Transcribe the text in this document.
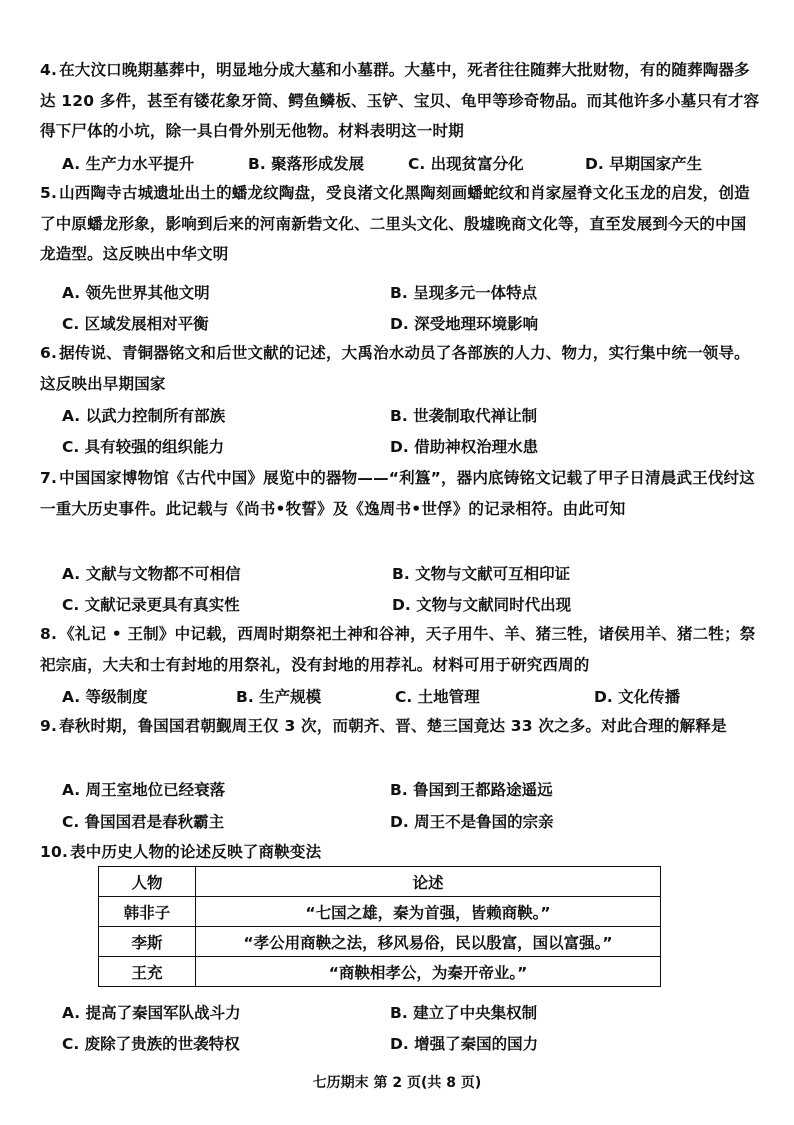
4. 在大汶口晚期墓葬中，明显地分成大墓和小墓群。大墓中，死者往往随葬大批财物，有的随葬陶器多达 120 多件，甚至有镂花象牙筒、鳄鱼鳞板、玉铲、宝贝、龟甲等珍奇物品。而其他许多小墓只有才容得下尸体的小坑，除一具白骨外别无他物。材料表明这一时期
A. 生产力水平提升	B. 聚落形成发展	C. 出现贫富分化	D. 早期国家产生
5. 山西陶寺古城遗址出土的蟠龙纹陶盘，受良渚文化黑陶刻画蟠蛇纹和肖家屋脊文化玉龙的启发，创造了中原蟠龙形象，影响到后来的河南新砦文化、二里头文化、殷墟晚商文化等，直至发展到今天的中国龙造型。这反映出中华文明
A. 领先世界其他文明	B. 呈现多元一体特点
C. 区域发展相对平衡	D. 深受地理环境影响
6. 据传说、青铜器铭文和后世文献的记述，大禹治水动员了各部族的人力、物力，实行集中统一领导。这反映出早期国家
A. 以武力控制所有部族	B. 世袭制取代禅让制
C. 具有较强的组织能力	D. 借助神权治理水患
7. 中国国家博物馆《古代中国》展览中的器物——“利簋”，器内底铸铭文记载了甲子日清晨武王伐纣这一重大历史事件。此记载与《尚书•牧誓》及《逸周书•世俘》的记录相符。由此可知
A. 文献与文物都不可相信	B. 文物与文献可互相印证
C. 文献记录更具有真实性	D. 文物与文献同时代出现
8. 《礼记 • 王制》中记载，西周时期祭祀土神和谷神，天子用牛、羊、猪三牲，诸侯用羊、猪二牲；祭祀宗庙，大夫和士有封地的用祭礼，没有封地的用荐礼。材料可用于研究西周的
A. 等级制度	B. 生产规模	C. 土地管理	D. 文化传播
9. 春秋时期，鲁国国君朝觐周王仅 3 次，而朝齐、晋、楚三国竟达 33 次之多。对此合理的解释是
A. 周王室地位已经衰落	B. 鲁国到王都路途遥远
C. 鲁国国君是春秋霸主	D. 周王不是鲁国的宗亲
10. 表中历史人物的论述反映了商鞅变法
人物	论述
韩非子	“七国之雄，秦为首强，皆赖商鞅。”
李斯	“孝公用商鞅之法，移风易俗，民以殷富，国以富强。”
王充	“商鞅相孝公，为秦开帝业。”
A. 提高了秦国军队战斗力	B. 建立了中央集权制
C. 废除了贵族的世袭特权	D. 增强了秦国的国力
七历期末 第 2 页(共 8 页)
